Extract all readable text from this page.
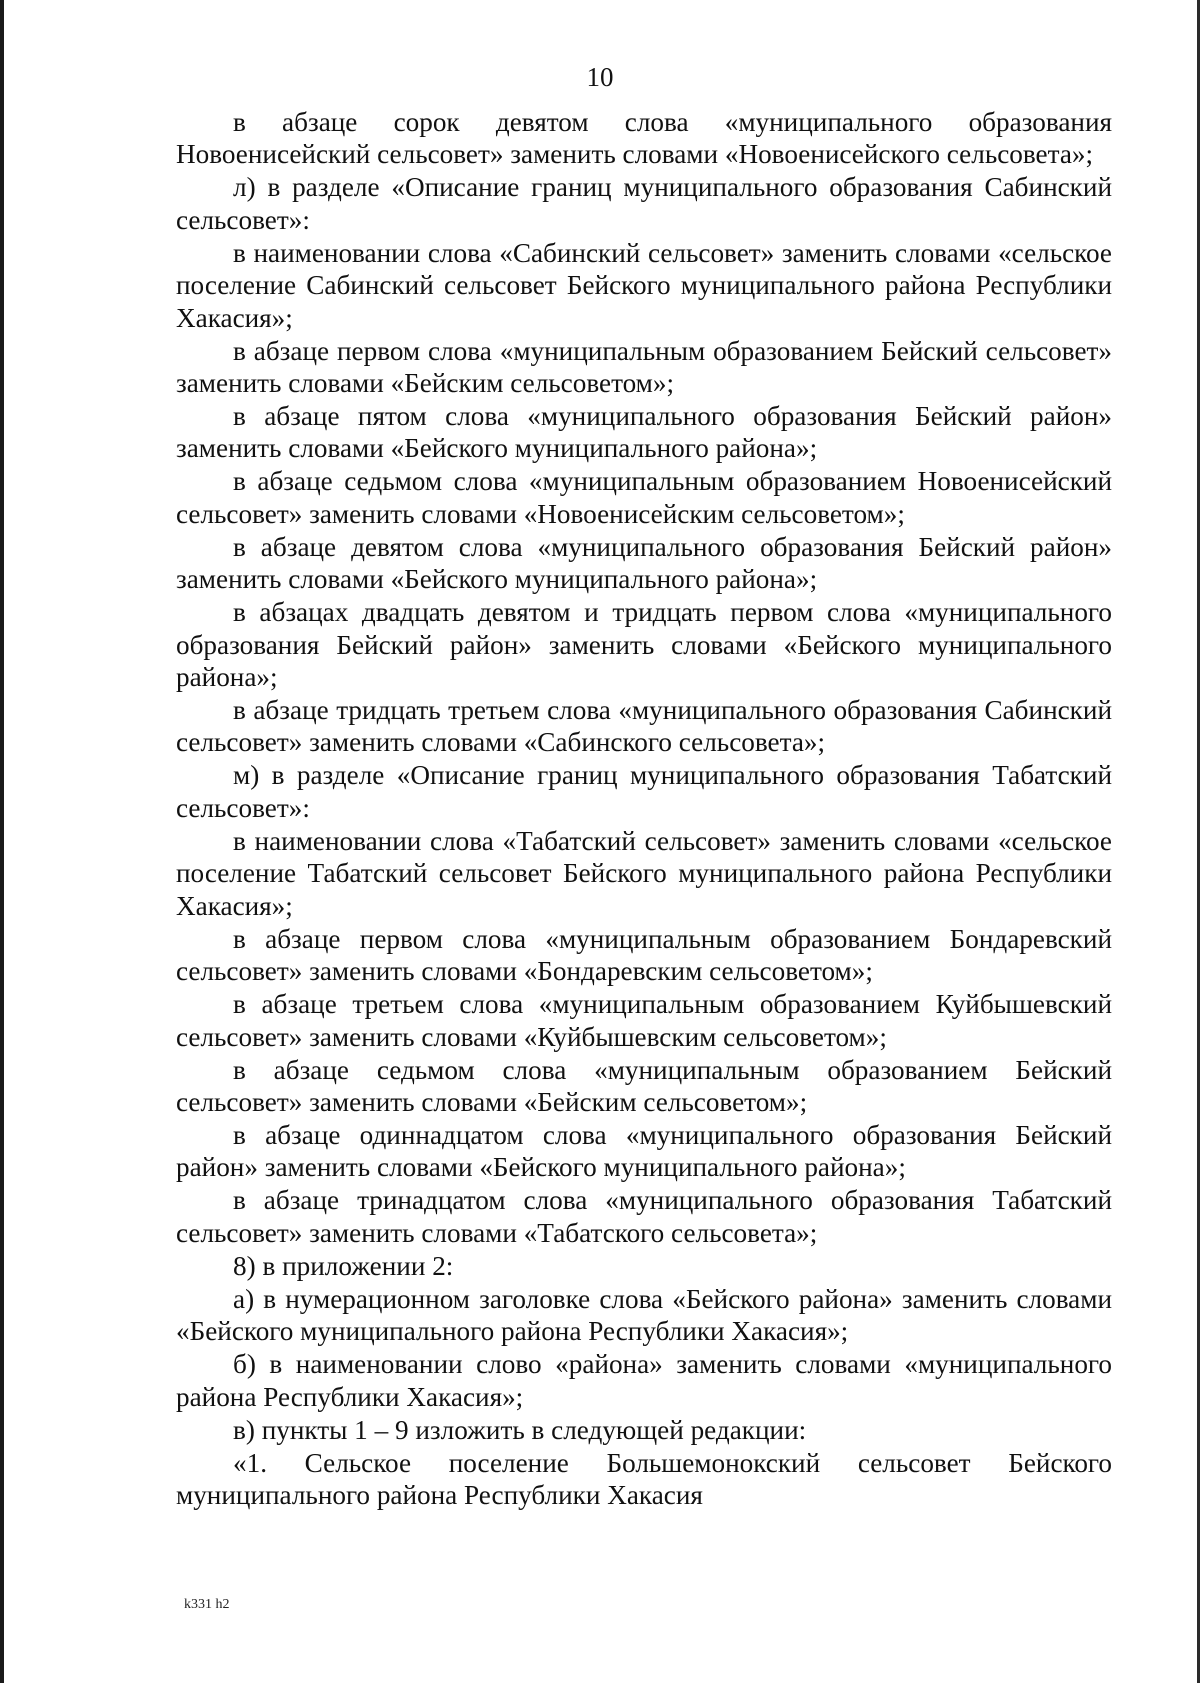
10

в абзаце сорок девятом слова «муниципального образования Новоенисейский сельсовет» заменить словами «Новоенисейского сельсовета»;

л) в разделе «Описание границ муниципального образования Сабинский сельсовет»:

в наименовании слова «Сабинский сельсовет» заменить словами «сельское поселение Сабинский сельсовет Бейского муниципального района Республики Хакасия»;

в абзаце первом слова «муниципальным образованием Бейский сельсовет» заменить словами «Бейским сельсоветом»;

в абзаце пятом слова «муниципального образования Бейский район» заменить словами «Бейского муниципального района»;

в абзаце седьмом слова «муниципальным образованием Новоенисейский сельсовет» заменить словами «Новоенисейским сельсоветом»;

в абзаце девятом слова «муниципального образования Бейский район» заменить словами «Бейского муниципального района»;

в абзацах двадцать девятом и тридцать первом слова «муниципального образования Бейский район» заменить словами «Бейского муниципального района»;

в абзаце тридцать третьем слова «муниципального образования Сабинский сельсовет» заменить словами «Сабинского сельсовета»;

м) в разделе «Описание границ муниципального образования Табатский сельсовет»:

в наименовании слова «Табатский сельсовет» заменить словами «сельское поселение Табатский сельсовет Бейского муниципального района Республики Хакасия»;

в абзаце первом слова «муниципальным образованием Бондаревский сельсовет» заменить словами «Бондаревским сельсоветом»;

в абзаце третьем слова «муниципальным образованием Куйбышевский сельсовет» заменить словами «Куйбышевским сельсоветом»;

в абзаце седьмом слова «муниципальным образованием Бейский сельсовет» заменить словами «Бейским сельсоветом»;

в абзаце одиннадцатом слова «муниципального образования Бейский район» заменить словами «Бейского муниципального района»;

в абзаце тринадцатом слова «муниципального образования Табатский сельсовет» заменить словами «Табатского сельсовета»;

8) в приложении 2:

а) в нумерационном заголовке слова «Бейского района» заменить словами «Бейского муниципального района Республики Хакасия»;

б) в наименовании слово «района» заменить словами «муниципального района Республики Хакасия»;

в) пункты 1 – 9 изложить в следующей редакции:

«1. Сельское поселение Большемонокский сельсовет Бейского муниципального района Республики Хакасия

k331 h2
